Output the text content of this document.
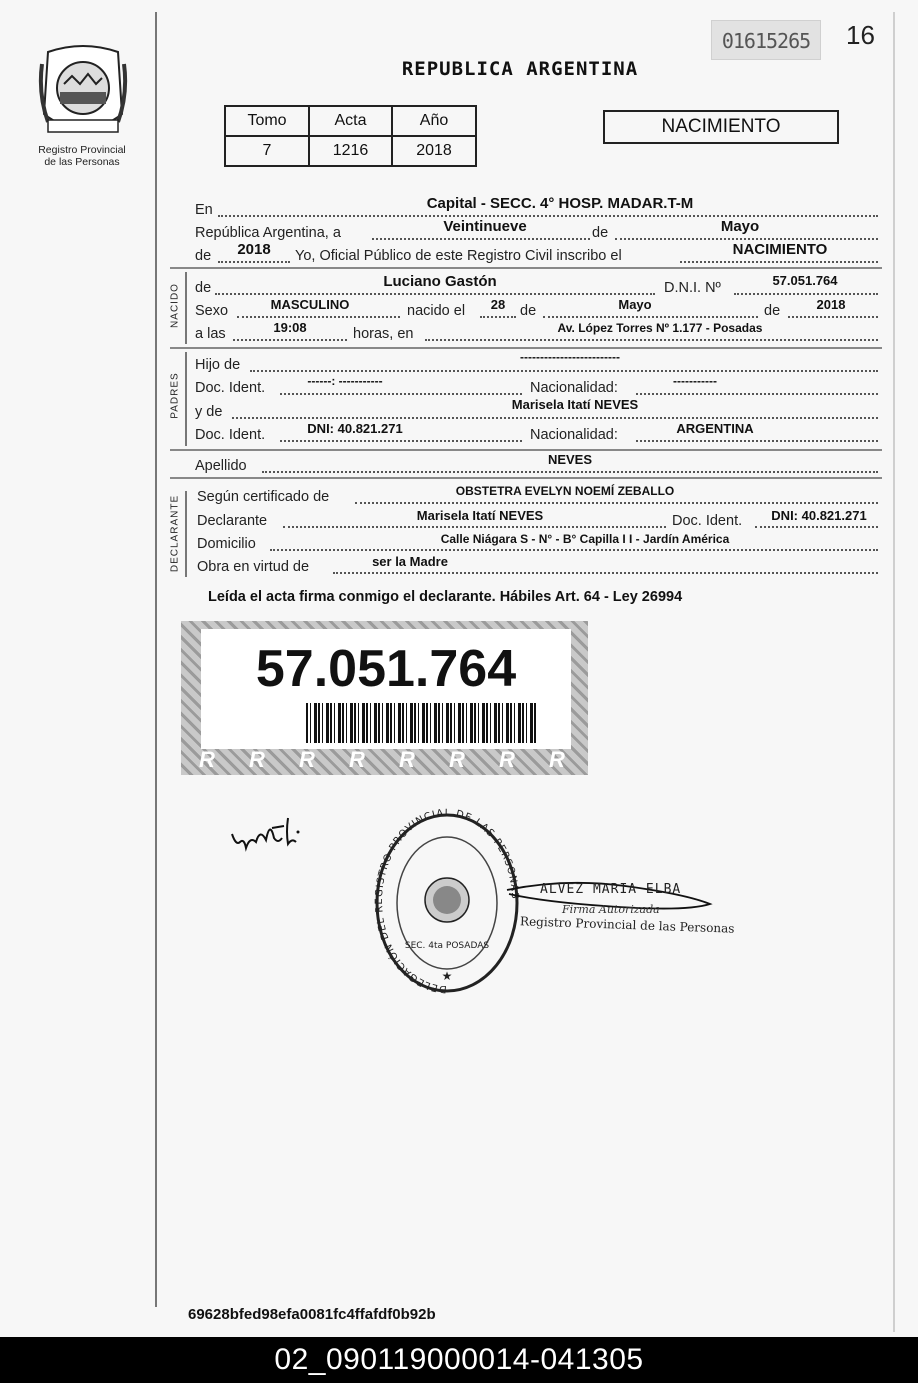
Registro Provincial
de las Personas
01615265	16
REPUBLICA ARGENTINA
Tomo	Acta	Año
7	1216	2018
NACIMIENTO
En	Capital - SECC. 4° HOSP. MADAR.T-M
República Argentina, a	Veintinueve	de	Mayo
de	2018	Yo, Oficial Público de este Registro Civil inscribo el	NACIMIENTO
NACIDO de	Luciano Gastón	D.N.I. Nº	57.051.764
Sexo	MASCULINO	nacido el	28	de	Mayo	de	2018
a las	19:08	horas, en	Av. López Torres Nº 1.177 - Posadas
PADRES
Hijo de	-------------------------
Doc. Ident.	------: -----------	Nacionalidad:	-----------
y de	Marisela Itatí NEVES
Doc. Ident.	DNI: 40.821.271	Nacionalidad:	ARGENTINA
Apellido	NEVES
DECLARANTE Según certificado de	OBSTETRA EVELYN NOEMÍ ZEBALLO
Declarante	Marisela Itatí NEVES	Doc. Ident.	DNI: 40.821.271
Domicilio	Calle Niágara S - N° - B° Capilla I I - Jardín América
Obra en virtud de	ser la Madre
Leída el acta firma conmigo el declarante. Hábiles Art. 64 - Ley 26994
57.051.764
R R R R R R R R
DELEGACIÓN DEL REGISTRO PROVINCIAL DE LAS PERSONAS
SEC. 4ta POSADAS
★
ALVEZ MARIA ELBA
Firma Autorizada
Registro Provincial de las Personas
69628bfed98efa0081fc4ffafdf0b92b
02_090119000014-041305
